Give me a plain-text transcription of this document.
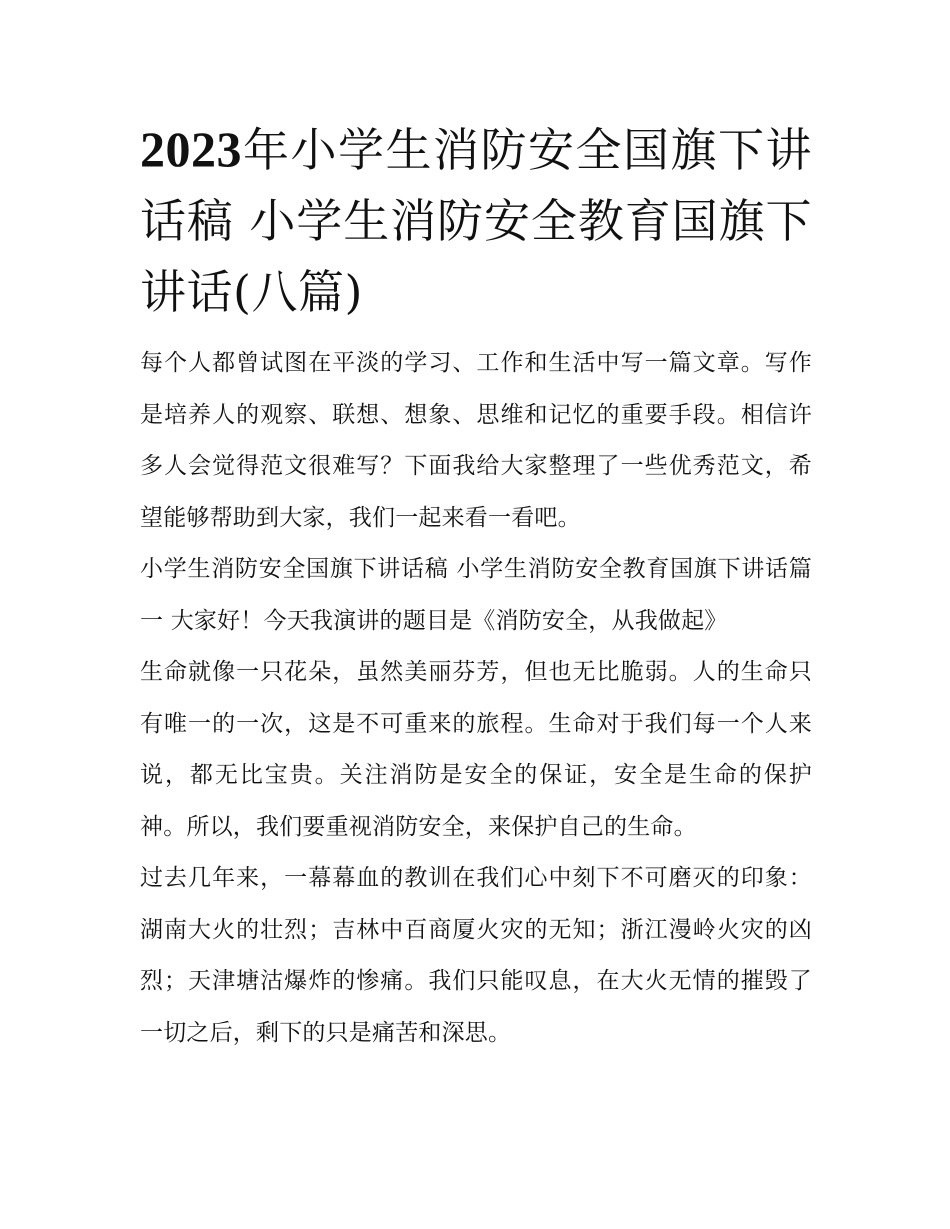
2023年小学生消防安全国旗下讲话稿 小学生消防安全教育国旗下讲话(八篇)

每个人都曾试图在平淡的学习、工作和生活中写一篇文章。写作是培养人的观察、联想、想象、思维和记忆的重要手段。相信许多人会觉得范文很难写？下面我给大家整理了一些优秀范文，希望能够帮助到大家，我们一起来看一看吧。

小学生消防安全国旗下讲话稿 小学生消防安全教育国旗下讲话篇一 大家好！今天我演讲的题目是《消防安全，从我做起》

生命就像一只花朵，虽然美丽芬芳，但也无比脆弱。人的生命只有唯一的一次，这是不可重来的旅程。生命对于我们每一个人来说，都无比宝贵。关注消防是安全的保证，安全是生命的保护神。所以，我们要重视消防安全，来保护自己的生命。

过去几年来，一幕幕血的教训在我们心中刻下不可磨灭的印象：湖南大火的壮烈；吉林中百商厦火灾的无知；浙江漫岭火灾的凶烈；天津塘沽爆炸的惨痛。我们只能叹息，在大火无情的摧毁了一切之后，剩下的只是痛苦和深思。
